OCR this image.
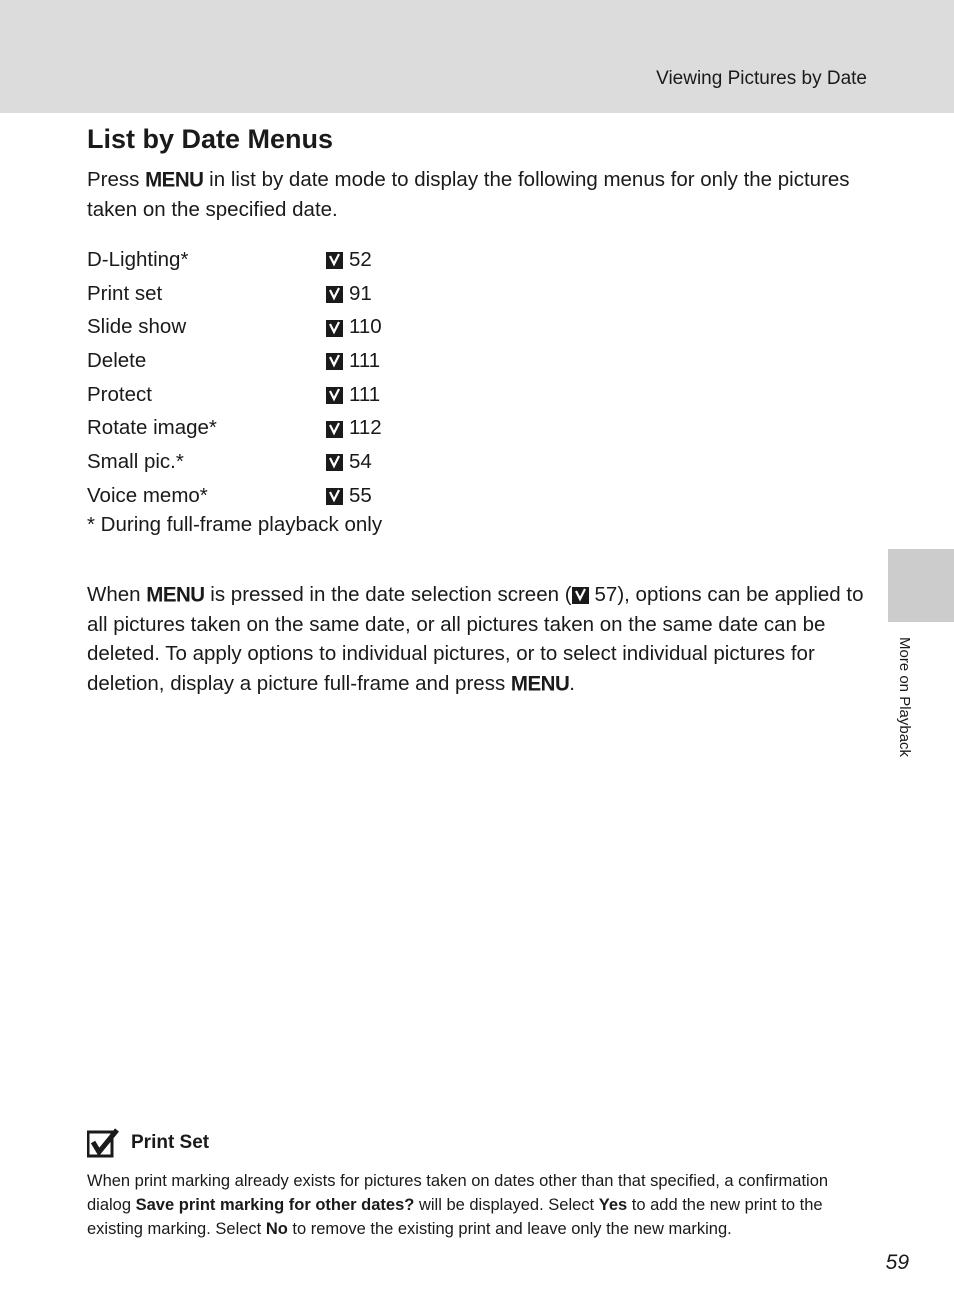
Viewing Pictures by Date
More on Playback
List by Date Menus

Press MENU in list by date mode to display the following menus for only the pictures taken on the specified date.

D-Lighting*	52
Print set	91
Slide show	110
Delete	111
Protect	111
Rotate image*	112
Small pic.*	54
Voice memo*	55
* During full-frame playback only

When MENU is pressed in the date selection screen ( 57), options can be applied to all pictures taken on the same date, or all pictures taken on the same date can be deleted. To apply options to individual pictures, or to select individual pictures for deletion, display a picture full-frame and press MENU.

Print Set

When print marking already exists for pictures taken on dates other than that specified, a confirmation dialog Save print marking for other dates? will be displayed. Select Yes to add the new print to the existing marking. Select No to remove the existing print and leave only the new marking.

59
